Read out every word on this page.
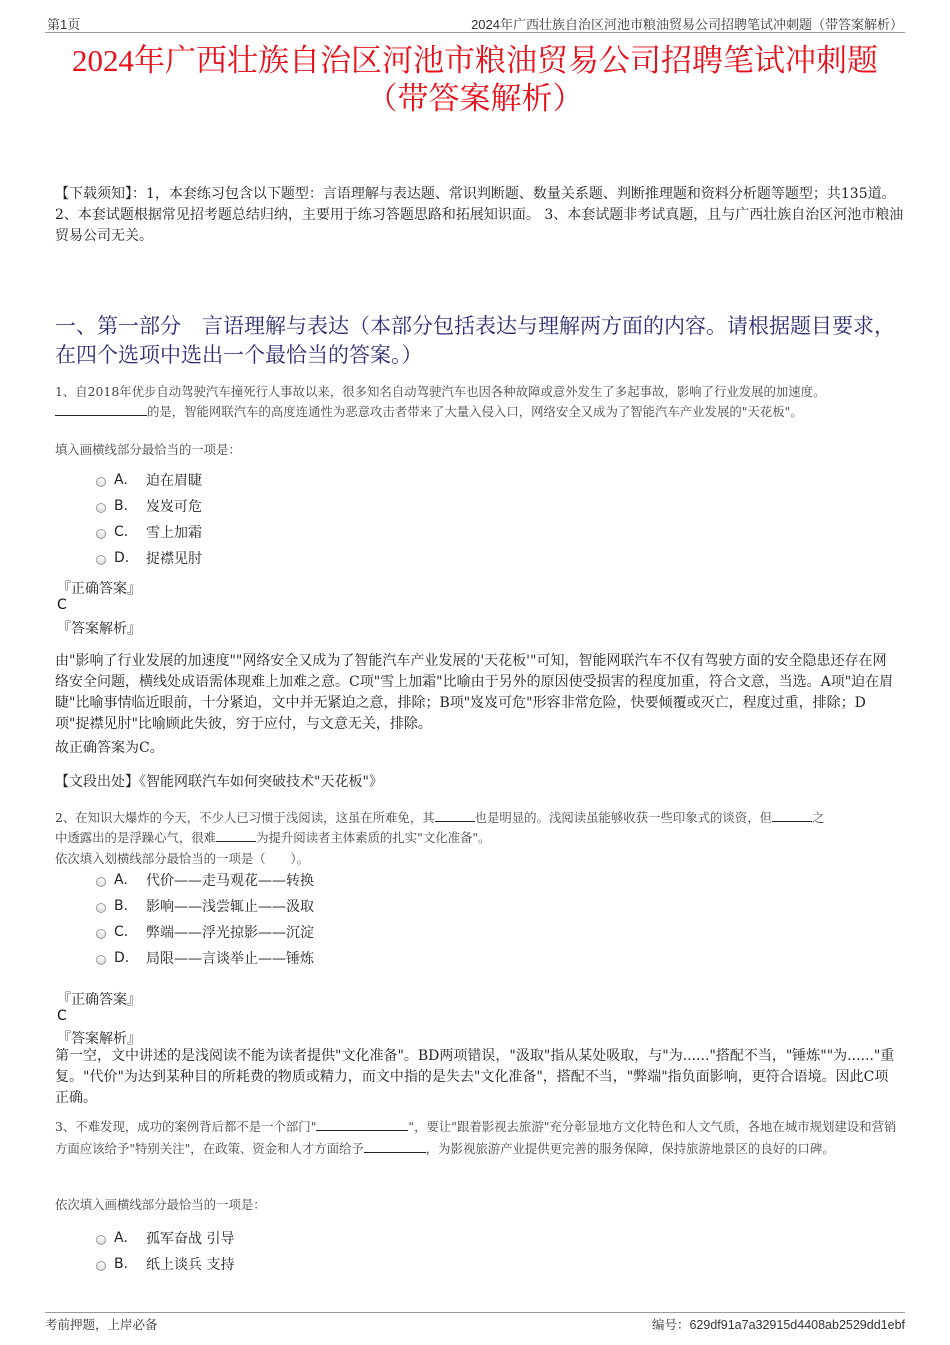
第1页	2024年广西壮族自治区河池市粮油贸易公司招聘笔试冲刺题（带答案解析）
2024年广西壮族自治区河池市粮油贸易公司招聘笔试冲刺题
（带答案解析）
【下载须知】：1，本套练习包含以下题型：言语理解与表达题、常识判断题、数量关系题、判断推理题和资料分析题等题型；共135道。 2、本套试题根据常见招考题总结归纳，主要用于练习答题思路和拓展知识面。 3、本套试题非考试真题，且与广西壮族自治区河池市粮油贸易公司无关。
一、第一部分　言语理解与表达（本部分包括表达与理解两方面的内容。请根据题目要求，在四个选项中选出一个最恰当的答案。）
1、自2018年优步自动驾驶汽车撞死行人事故以来，很多知名自动驾驶汽车也因各种故障或意外发生了多起事故，影响了行业发展的加速度。
的是，智能网联汽车的高度连通性为恶意攻击者带来了大量入侵入口，网络安全又成为了智能汽车产业发展的"天花板"。
填入画横线部分最恰当的一项是：
A.	迫在眉睫
B.	岌岌可危
C.	雪上加霜
D.	捉襟见肘
『正确答案』
C
『答案解析』
由"影响了行业发展的加速度""网络安全又成为了智能汽车产业发展的'天花板'"可知，智能网联汽车不仅有驾驶方面的安全隐患还存在网络安全问题，横线处成语需体现难上加难之意。C项"雪上加霜"比喻由于另外的原因使受损害的程度加重，符合文意，当选。A项"迫在眉睫"比喻事情临近眼前，十分紧迫，文中并无紧迫之意，排除；B项"岌岌可危"形容非常危险，快要倾覆或灭亡，程度过重，排除；D项"捉襟见肘"比喻顾此失彼，穷于应付，与文意无关，排除。
故正确答案为C。
【文段出处】《智能网联汽车如何突破技术"天花板"》
2、在知识大爆炸的今天，不少人已习惯于浅阅读，这虽在所难免，其	也是明显的。浅阅读虽能够收获一些印象式的谈资，但	之
中透露出的是浮躁心气，很难	为提升阅读者主体素质的扎实"文化准备"。
依次填入划横线部分最恰当的一项是（　　）。
A.	代价——走马观花——转换
B.	影响——浅尝辄止——汲取
C.	弊端——浮光掠影——沉淀
D.	局限——言谈举止——锤炼
『正确答案』
C
『答案解析』
第一空，文中讲述的是浅阅读不能为读者提供"文化准备"。BD两项错误，"汲取"指从某处吸取，与"为......"搭配不当，"锤炼""为......"重复。"代价"为达到某种目的所耗费的物质或精力，而文中指的是失去"文化准备"，搭配不当，"弊端"指负面影响，更符合语境。因此C项正确。
3、不难发现，成功的案例背后都不是一个部门"	"，要让"跟着影视去旅游"充分彰显地方文化特色和人文气质，各地在城市规划建设和营销方面应该给予"特别关注"，在政策、资金和人才方面给予	，为影视旅游产业提供更完善的服务保障，保持旅游地景区的良好的口碑。
依次填入画横线部分最恰当的一项是：
A.	孤军奋战 引导
B.	纸上谈兵 支持
考前押题，上岸必备	编号：629df91a7a32915d4408ab2529dd1ebf
